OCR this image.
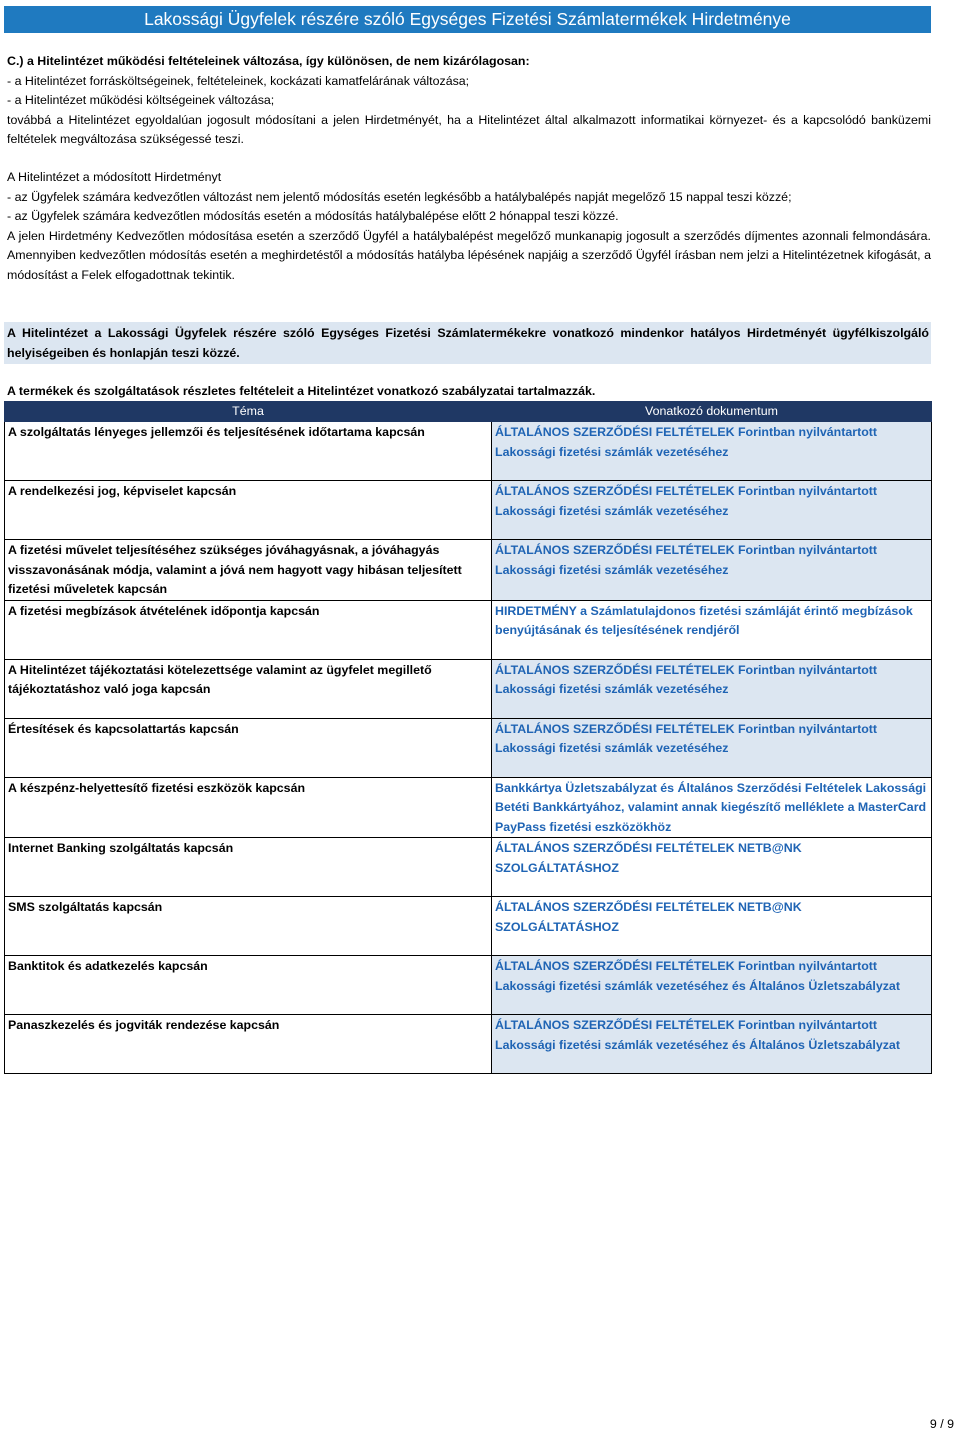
Lakossági Ügyfelek részére szóló Egységes Fizetési Számlatermékek Hirdetménye
C.) a Hitelintézet működési feltételeinek változása, így különösen, de nem kizárólagosan:
- a Hitelintézet forrásköltségeinek, feltételeinek, kockázati kamatfelárának változása;
- a Hitelintézet működési költségeinek változása;
továbbá a Hitelintézet egyoldalúan jogosult módosítani a jelen Hirdetményét, ha a Hitelintézet által alkalmazott informatikai környezet- és a kapcsolódó banküzemi feltételek megváltozása szükségessé teszi.
A Hitelintézet a módosított Hirdetményt
- az Ügyfelek számára kedvezőtlen változást nem jelentő módosítás esetén legkésőbb a hatálybalépés napját megelőző 15 nappal teszi közzé;
- az Ügyfelek számára kedvezőtlen módosítás esetén a módosítás hatálybalépése előtt 2 hónappal teszi közzé.
A jelen Hirdetmény Kedvezőtlen módosítása esetén a szerződő Ügyfél a hatálybalépést megelőző munkanapig jogosult a szerződés díjmentes azonnali felmondására. Amennyiben kedvezőtlen módosítás esetén a meghirdetéstől a módosítás hatályba lépésének napjáig a szerződő Ügyfél írásban nem jelzi a Hitelintézetnek kifogását, a módosítást a Felek elfogadottnak tekintik.
A Hitelintézet a Lakossági Ügyfelek részére szóló Egységes Fizetési Számlatermékekre vonatkozó mindenkor hatályos Hirdetményét ügyfélkiszolgáló helyiségeiben és honlapján teszi közzé.
A termékek és szolgáltatások részletes feltételeit a Hitelintézet vonatkozó szabályzatai tartalmazzák.
Téma	Vonatkozó dokumentum
A szolgáltatás lényeges jellemzői és teljesítésének időtartama kapcsán	ÁLTALÁNOS SZERZŐDÉSI FELTÉTELEK Forintban nyilvántartott Lakossági fizetési számlák vezetéséhez
A rendelkezési jog, képviselet kapcsán	ÁLTALÁNOS SZERZŐDÉSI FELTÉTELEK Forintban nyilvántartott Lakossági fizetési számlák vezetéséhez
A fizetési művelet teljesítéséhez szükséges jóváhagyásnak, a jóváhagyás visszavonásának módja, valamint a jóvá nem hagyott vagy hibásan teljesített fizetési műveletek kapcsán	ÁLTALÁNOS SZERZŐDÉSI FELTÉTELEK Forintban nyilvántartott Lakossági fizetési számlák vezetéséhez
A fizetési megbízások átvételének időpontja kapcsán	HIRDETMÉNY a Számlatulajdonos fizetési számláját érintő megbízások benyújtásának és teljesítésének rendjéről
A Hitelintézet tájékoztatási kötelezettsége valamint az ügyfelet megillető tájékoztatáshoz való joga kapcsán	ÁLTALÁNOS SZERZŐDÉSI FELTÉTELEK Forintban nyilvántartott Lakossági fizetési számlák vezetéséhez
Értesítések és kapcsolattartás kapcsán	ÁLTALÁNOS SZERZŐDÉSI FELTÉTELEK Forintban nyilvántartott Lakossági fizetési számlák vezetéséhez
A készpénz-helyettesítő fizetési eszközök kapcsán	Bankkártya Üzletszabályzat és Általános Szerződési Feltételek Lakossági Betéti Bankkártyához, valamint annak kiegészítő melléklete a MasterCard PayPass fizetési eszközökhöz
Internet Banking szolgáltatás kapcsán	ÁLTALÁNOS SZERZŐDÉSI FELTÉTELEK NETB@NK SZOLGÁLTATÁSHOZ
SMS szolgáltatás kapcsán	ÁLTALÁNOS SZERZŐDÉSI FELTÉTELEK NETB@NK SZOLGÁLTATÁSHOZ
Banktitok és adatkezelés kapcsán	ÁLTALÁNOS SZERZŐDÉSI FELTÉTELEK Forintban nyilvántartott Lakossági fizetési számlák vezetéséhez és Általános Üzletszabályzat
Panaszkezelés és jogviták rendezése kapcsán	ÁLTALÁNOS SZERZŐDÉSI FELTÉTELEK Forintban nyilvántartott Lakossági fizetési számlák vezetéséhez és Általános Üzletszabályzat
9 / 9
